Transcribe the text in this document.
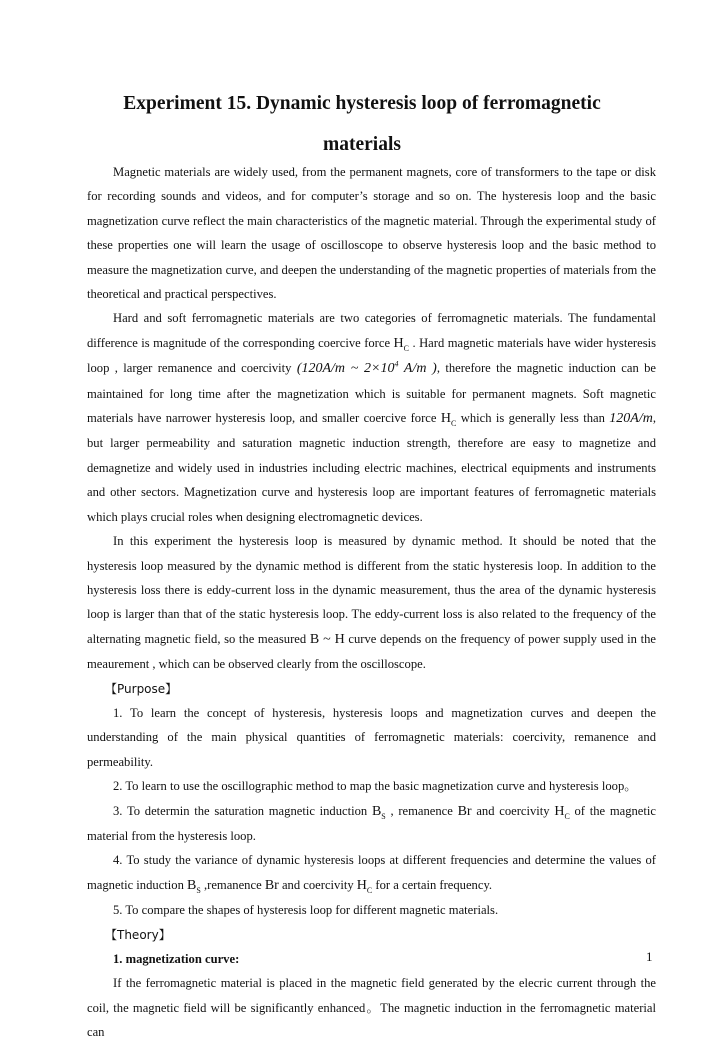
Experiment 15. Dynamic hysteresis loop of ferromagnetic
materials

Magnetic materials are widely used, from the permanent magnets, core of transformers to the tape or disk for recording sounds and videos, and for computer’s storage and so on. The hysteresis loop and the basic magnetization curve reflect the main characteristics of the magnetic material. Through the experimental study of these properties one will learn the usage of oscilloscope to observe hysteresis loop and the basic method to measure the magnetization curve, and deepen the understanding of the magnetic properties of materials from the theoretical and practical perspectives.

Hard and soft ferromagnetic materials are two categories of ferromagnetic materials. The fundamental difference is magnitude of the corresponding coercive force $H_C$ . Hard magnetic materials have wider hysteresis loop , larger remanence and coercivity (120A/m ~ $2\times 10^4$ A/m ), therefore the magnetic induction can be maintained for long time after the magnetization which is suitable for permanent magnets. Soft magnetic materials have narrower hysteresis loop, and smaller coercive force $H_C$ which is generally less than 120A/m, but larger permeability and saturation magnetic induction strength, therefore are easy to magnetize and demagnetize and widely used in industries including electric machines, electrical equipments and instruments and other sectors. Magnetization curve and hysteresis loop are important features of ferromagnetic materials which plays crucial roles when designing electromagnetic devices.

In this experiment the hysteresis loop is measured by dynamic method. It should be noted that the hysteresis loop measured by the dynamic method is different from the static hysteresis loop. In addition to the hysteresis loss there is eddy-current loss in the dynamic measurement, thus the area of the dynamic hysteresis loop is larger than that of the static hysteresis loop. The eddy-current loss is also related to the frequency of the alternating magnetic field, so the measured B ~ H curve depends on the frequency of power supply used in the meaurement , which can be observed clearly from the oscilloscope.

【Purpose】

1. To learn the concept of hysteresis, hysteresis loops and magnetization curves and deepen the understanding of the main physical quantities of ferromagnetic materials: coercivity, remanence and permeability.

2. To learn to use the oscillographic method to map the basic magnetization curve and hysteresis loop。

3. To determin the saturation magnetic induction $B_S$ , remanence Br and coercivity $H_C$ of the magnetic material from the hysteresis loop.

4. To study the variance of dynamic hysteresis loops at different frequencies and determine the values of magnetic induction $B_S$ ,remanence Br and coercivity $H_C$ for a certain frequency.

5. To compare the shapes of hysteresis loop for different magnetic materials.

【Theory】
1. magnetization curve:

If the ferromagnetic material is placed in the magnetic field generated by the elecric current through the coil, the magnetic field will be significantly enhanced。The magnetic induction in the ferromagnetic material can

1
